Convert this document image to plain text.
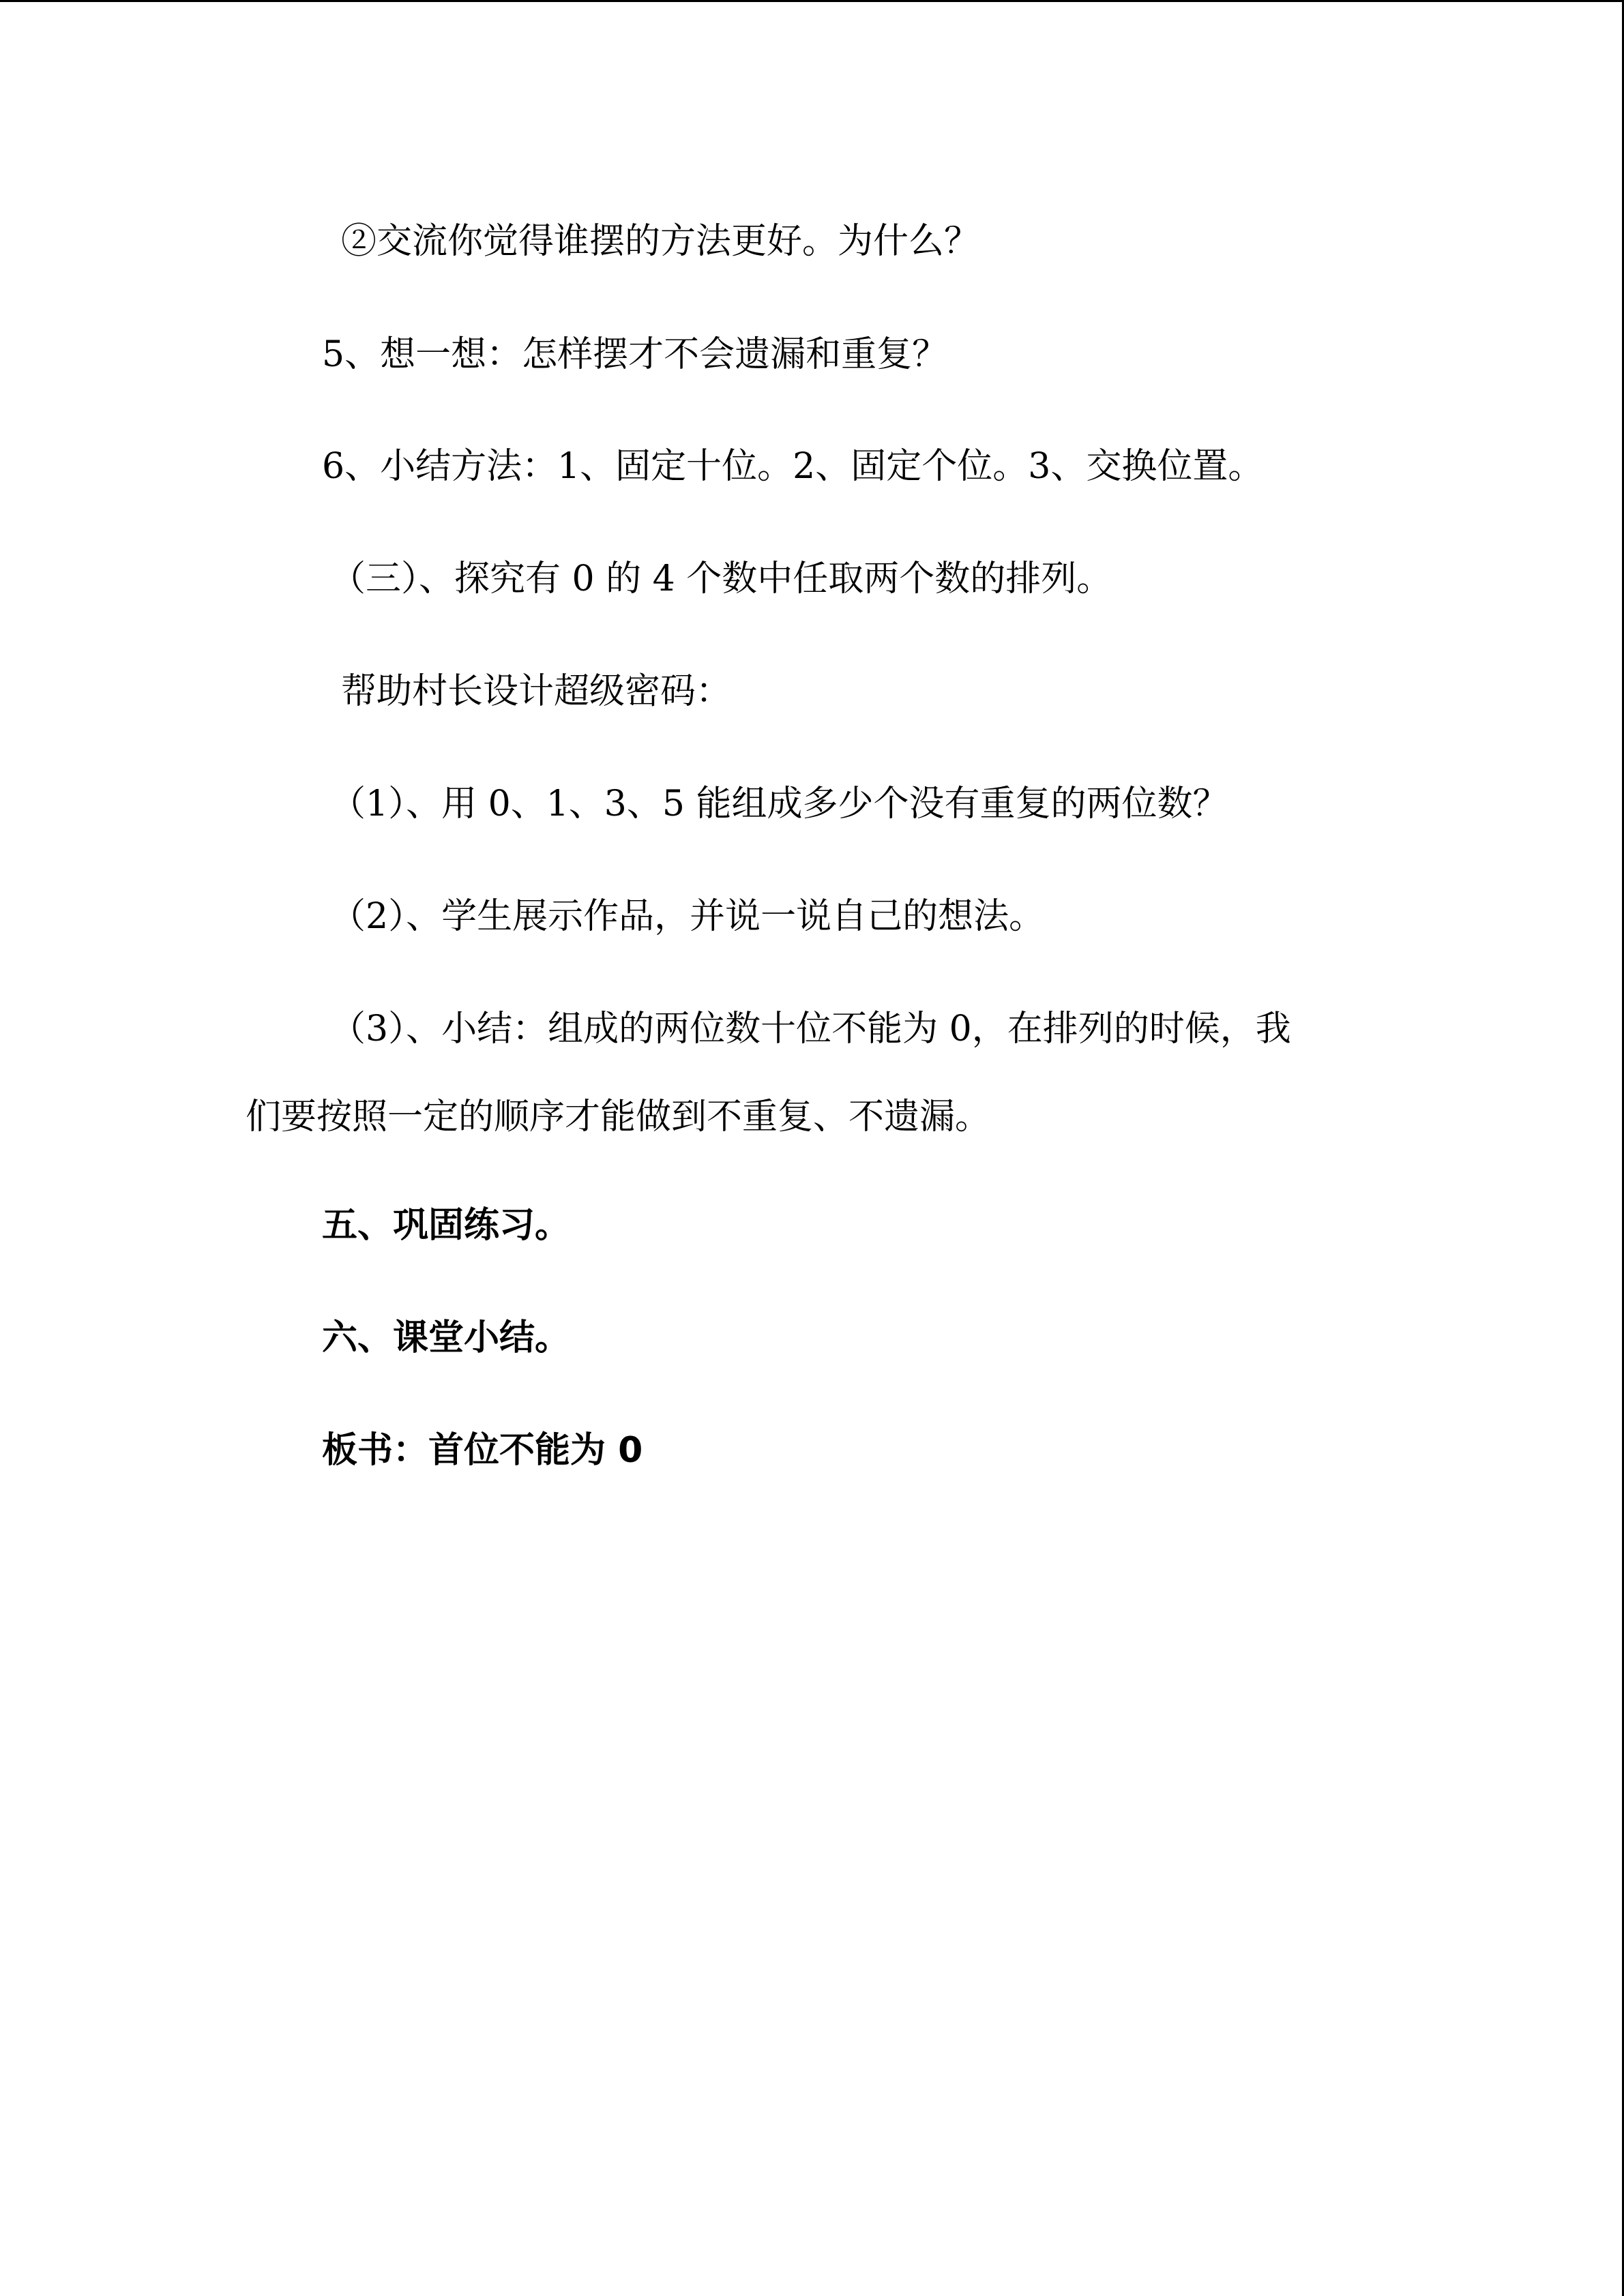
②交流你觉得谁摆的方法更好。为什么？

5、想一想：怎样摆才不会遗漏和重复？

6、小结方法：1、固定十位。2、固定个位。3、交换位置。

（三）、探究有 0 的 4 个数中任取两个数的排列。

帮助村长设计超级密码：

（1）、用 0、1、3、5 能组成多少个没有重复的两位数？

（2）、学生展示作品，并说一说自己的想法。

（3）、小结：组成的两位数十位不能为 0，在排列的时候，我

们要按照一定的顺序才能做到不重复、不遗漏。

五、巩固练习。

六、课堂小结。

板书：首位不能为 0
